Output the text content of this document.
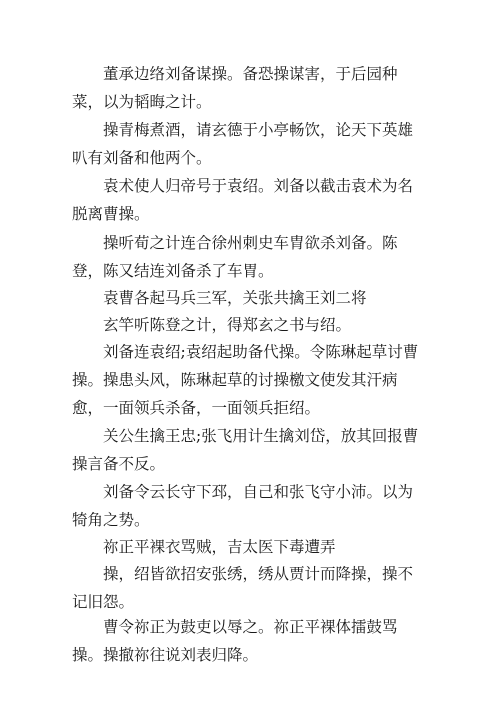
董承边络刘备谋操。备恐操谋害，于后园种菜，以为韬晦之计。

操青梅煮酒，请玄德于小亭畅饮，论天下英雄叭有刘备和他两个。

袁术使人归帝号于袁绍。刘备以截击袁术为名脱离曹操。

操听荀之计连合徐州刺史车胄欲杀刘备。陈登，陈又结连刘备杀了车胃。

袁曹各起马兵三军，关张共擒王刘二将

玄竿听陈登之计，得郑玄之书与绍。

刘备连袁绍;袁绍起助备代操。令陈琳起草讨曹操。 操患头风，陈琳起草的讨操檄文使发其汗病愈，一面领兵杀备，一面领兵拒绍。

关公生擒王忠;张飞用计生擒刘岱，放其回报曹操言备不反。

刘备令云长守下邳，自己和张飞守小沛。以为犄角之势。

祢正平裸衣骂贼，吉太医下毒遭弄

操，绍皆欲招安张绣，绣从贾计而降操，操不记旧怨。

曹令祢正为鼓吏以辱之。祢正平裸体擂鼓骂操。操撤祢往说刘表归降。
